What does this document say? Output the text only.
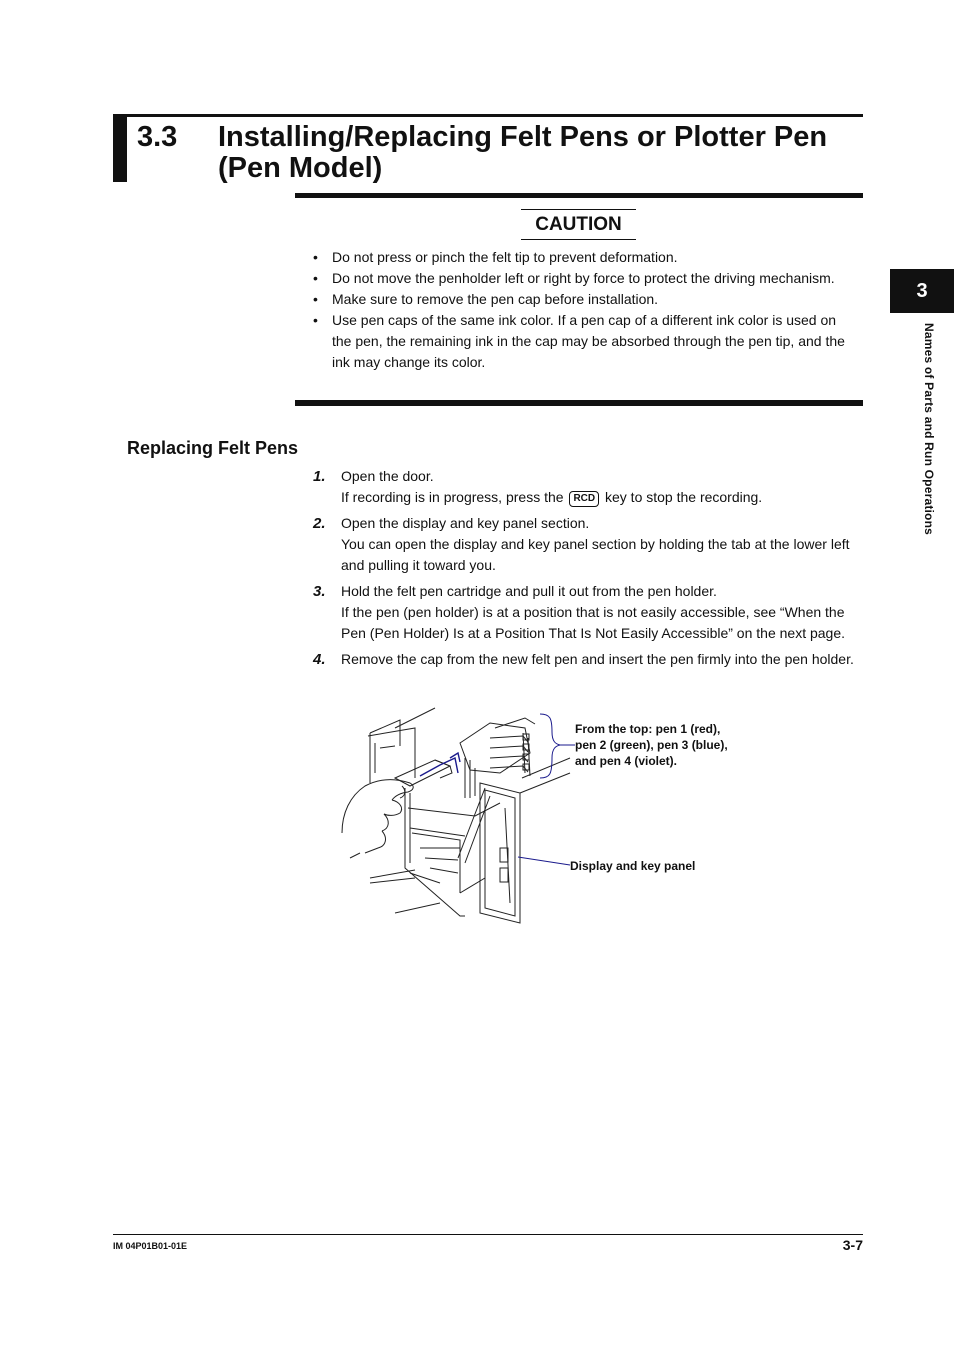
3.3 Installing/Replacing Felt Pens or Plotter Pen (Pen Model)
CAUTION
• Do not press or pinch the felt tip to prevent deformation.
• Do not move the penholder left or right by force to protect the driving mechanism.
• Make sure to remove the pen cap before installation.
• Use pen caps of the same ink color. If a pen cap of a different ink color is used on the pen, the remaining ink in the cap may be absorbed through the pen tip, and the ink may change its color.
Replacing Felt Pens
1. Open the door.
If recording is in progress, press the RCD key to stop the recording.
2. Open the display and key panel section.
You can open the display and key panel section by holding the tab at the lower left and pulling it toward you.
3. Hold the felt pen cartridge and pull it out from the pen holder.
If the pen (pen holder) is at a position that is not easily accessible, see “When the Pen (Pen Holder) Is at a Position That Is Not Easily Accessible” on the next page.
4. Remove the cap from the new felt pen and insert the pen firmly into the pen holder.
From the top: pen 1 (red),
pen 2 (green), pen 3 (blue),
and pen 4 (violet).
Display and key panel
3
Names of Parts and Run Operations
IM 04P01B01-01E	3-7
